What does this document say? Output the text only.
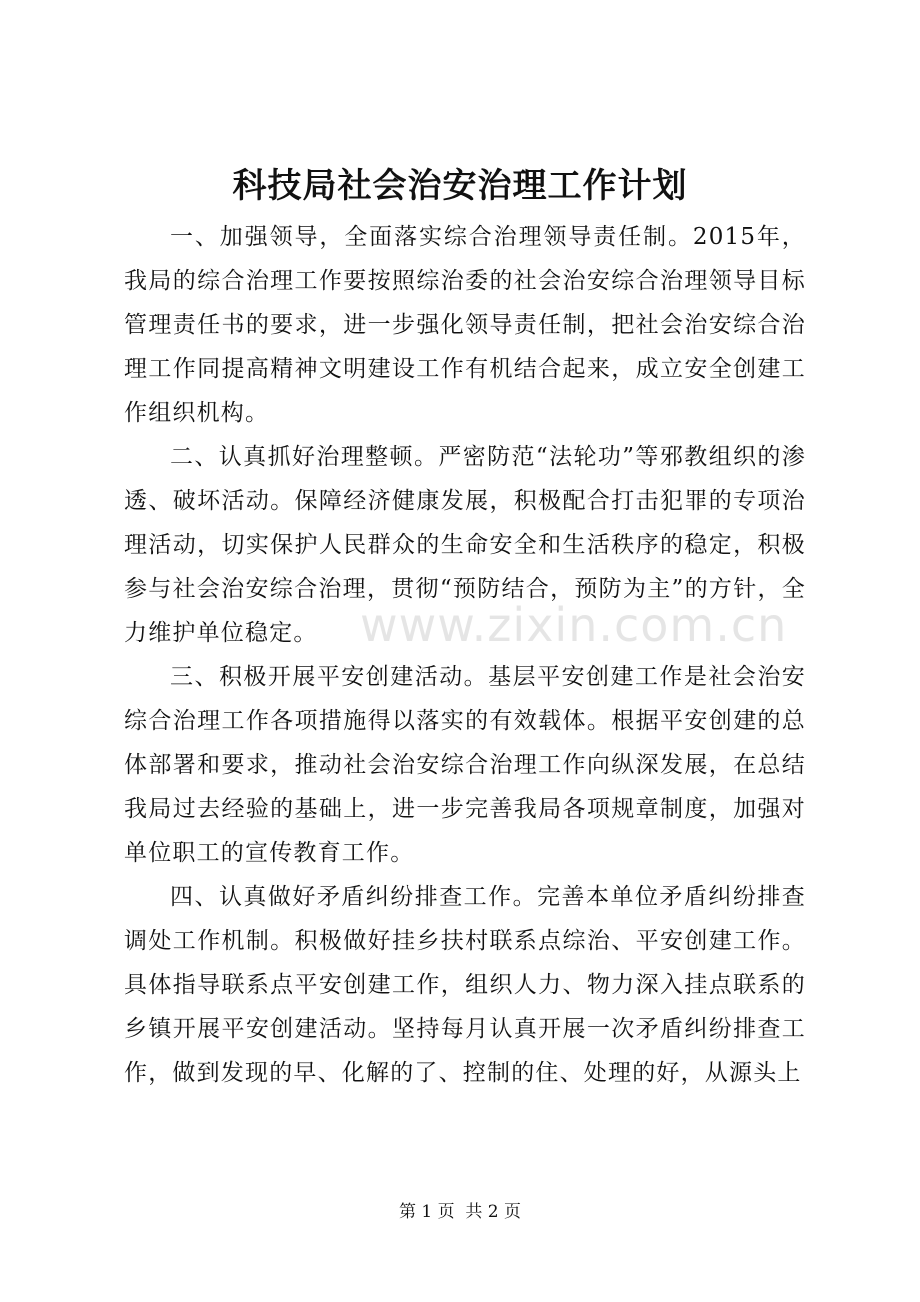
科技局社会治安治理工作计划

一、加强领导，全面落实综合治理领导责任制。2015年，我局的综合治理工作要按照综治委的社会治安综合治理领导目标管理责任书的要求，进一步强化领导责任制，把社会治安综合治理工作同提高精神文明建设工作有机结合起来，成立安全创建工作组织机构。

二、认真抓好治理整顿。严密防范“法轮功”等邪教组织的渗透、破坏活动。保障经济健康发展，积极配合打击犯罪的专项治理活动，切实保护人民群众的生命安全和生活秩序的稳定，积极参与社会治安综合治理，贯彻“预防结合，预防为主”的方针，全力维护单位稳定。

三、积极开展平安创建活动。基层平安创建工作是社会治安综合治理工作各项措施得以落实的有效载体。根据平安创建的总体部署和要求，推动社会治安综合治理工作向纵深发展，在总结我局过去经验的基础上，进一步完善我局各项规章制度，加强对单位职工的宣传教育工作。

四、认真做好矛盾纠纷排查工作。完善本单位矛盾纠纷排查调处工作机制。积极做好挂乡扶村联系点综治、平安创建工作。具体指导联系点平安创建工作，组织人力、物力深入挂点联系的乡镇开展平安创建活动。坚持每月认真开展一次矛盾纠纷排查工作，做到发现的早、化解的了、控制的住、处理的好，从源头上

www.zixin.com.cn
第 1 页  共 2 页
